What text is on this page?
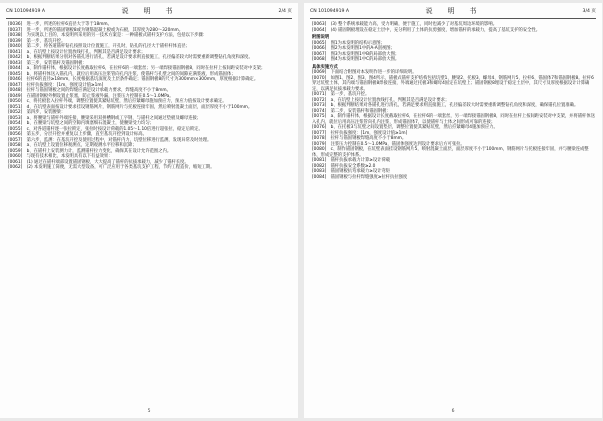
CN 101094919 A	说　明　书	2/4 页
[0036]　 进一步，所述的拉杆6直径大于等于18mm。
[0037]　 进一步，所述的锚固钢板8或为钢筋混凝土板或为石板，其厚度为280～320mm。
[0038]　 为实现以上目的，本发明所采用的另一技术方案是：一种锚板式锚杆支护方法，包括以下步骤：
[0039]　 第一步，基坑开挖。
[0040]　 第二步，将各道锚杆钻孔按照设计位置施工，开孔时，钻孔的孔径大于锚杆杆体直径；
[0041]　 a、在坑壁上按设计位置放线打孔，判断其是否满足设计要求；
[0042]　 b、根据判断结果分别对各锚孔进行清孔，若满足设计要求则直接施工，孔径偏差较大时需要重新调整钻孔角度和深度。
[0043]　 第三步，安装锚杆及锚固钢板：
[0044]　 a、制作锚杆体，根据设计长度截取拉杆6，在拉杆6的一端套丝；另一端焊接锚固钢板8，同时在拉杆上按间距安装对中支架；
[0045]　 b、将锚杆体送入锚孔内，就位后用高压注浆管向孔内注浆，使锚杆与孔壁之间的间隙充满浆液，形成锚固体；
[0046]　 拉杆6的直径≥18mm，长度根据基坑深度及土层条件确定；锚固钢板8的尺寸为300mm×300mm，厚度根据计算确定。
[0047]　 拉杆抗拔强度：[1m，强度设计值≥1m]
[0048]　 拉杆与锚固钢板之间的焊缝应满足设计承载力要求，焊缝高度不小于8mm。
[0049]　 在锚固钢板外侧设置止浆塞，防止浆液外漏，注浆压力控制在0.5～1.0MPa。
[0050]　 c、将托板套入拉杆外端，调整位置使其紧贴坑壁，然后拧紧螺母施加预应力，预应力值按设计要求确定。
[0051]　 d、在坑壁表面按设计要求挂设钢筋网片，钢筋网片与托板连接牢固，然后喷射混凝土面层，面层厚度不小于100mm。
[0052]　 第四步，安装腰梁：
[0053]　 a、将腰梁与锚杆外端连接，腰梁采用双拼槽钢或工字钢，与锚杆之间通过垫板及螺母连接；
[0054]　 b、在腰梁与坑壁之间的空隙内填塞细石混凝土，使腰梁受力均匀；
[0055]　 c、对各道锚杆逐一张拉锁定，张拉时按设计荷载的1.05～1.10倍进行超张拉，稳定后锁定。
[0056]　 第五步，分层开挖并重复以上步骤，直至基坑开挖到设计标高。
[0057]　 第六步，监测：在基坑开挖及使用过程中，对锚杆内力、坑壁位移进行监测，发现异常及时处理。
[0058]　 a、在坑壁上设置位移观测点，定期观测水平位移和沉降；
[0059]　 b、在锚杆上安装测力计，监测锚杆拉力变化，确保其在设计允许范围之内。
[0060]　 与现有技术相比，本发明具有以下有益效果：
[0061]　 (1) 通过在锚杆端部设置锚固钢板，大大提高了锚杆的抗拔承载力，减少了锚杆长度。
[0062]　 (2) 本发明施工简便，无需大型设备，可广泛应用于各类基坑支护工程，节约工程造价，缩短工期。
5
CN 101094919 A	说　明　书	3/4 页
[0063]　 (3) 整个系统承载能力高，受力明确，便于施工，同时也减少了对基坑周边环境的影响。
[0064]　 (4) 锚固钢板埋设在稳定土层中，充分利用了土体的抗剪强度，增加锚杆的承载力，提高了基坑支护的安全性。
附图说明
[0065]　 图1为本发明的结构示意图；
[0066]　 图2为本发明图1中的A-A剖视图；
[0067]　 图3为本发明图1中B的局部放大图；
[0068]　 图4为本发明图1中C的局部放大图。
具体实施方式
[0069]　 下面结合附图对本发明作进一步的详细说明。
[0070]　 如图1、图2、图3、图4所示，锚板式锚杆支护结构包括坑壁1、腰梁2、托板3、螺母4、钢筋网片5、拉杆6、锚固体7和锚固钢板8。拉杆6穿过坑壁土体，其内端与锚固钢板8焊接连接，外端通过托板3和螺母4固定在坑壁上；锚固钢板8埋设于稳定土层中，其尺寸及厚度根据设计计算确定，以满足抗拔承载力要求。
[0071]　 第一步，基坑开挖。
[0072]　 a、在坑壁上按设计位置放线打孔，判断其是否满足设计要求；
[0073]　 b、根据判断结果对各锚孔进行清孔，若满足要求则直接施工，孔径偏差较大时需要重新调整钻孔角度和深度，确保锚孔位置准确。
[0074]　 第二步，安装锚杆和锚固钢板：
[0075]　 a、制作锚杆体，根据设计长度截取拉杆6，在拉杆6的一端套丝，另一端焊接锚固钢板8，同时在拉杆上按间距安装对中支架，并将锚杆体送入孔内，就位后用高压注浆管向孔内注浆，形成锚固体7，以使锚杆与土体之间形成可靠的连接；
[0076]　 b、在托板3与坑壁之间设置垫层，调整位置使其紧贴坑壁，然后拧紧螺母4施加预应力。
[0077]　 拉杆抗拔强度：[1m，强度设计值≥1m]
[0078]　 拉杆与锚固钢板焊缝高度不小于8mm。
[0079]　 注浆压力控制在0.5～1.0MPa，锚固体强度达到设计要求后方可张拉。
[0080]　 c、制作锚固钢板，在坑壁表面挂设钢筋网片5，喷射混凝土面层，面层厚度不小于100mm，钢筋网片与托板连接牢固，并与腰梁连成整体，形成完整的支护体系。
[0081]　 锚杆抗拔承载力计算≥设计荷载
[0082]　 锚杆抗拔安全系数≥2.0
[0083]　 锚固钢板抗弯承载力≥设计弯矩
[0084]　 锚固钢板与拉杆焊缝强度≥拉杆抗拉强度
6
